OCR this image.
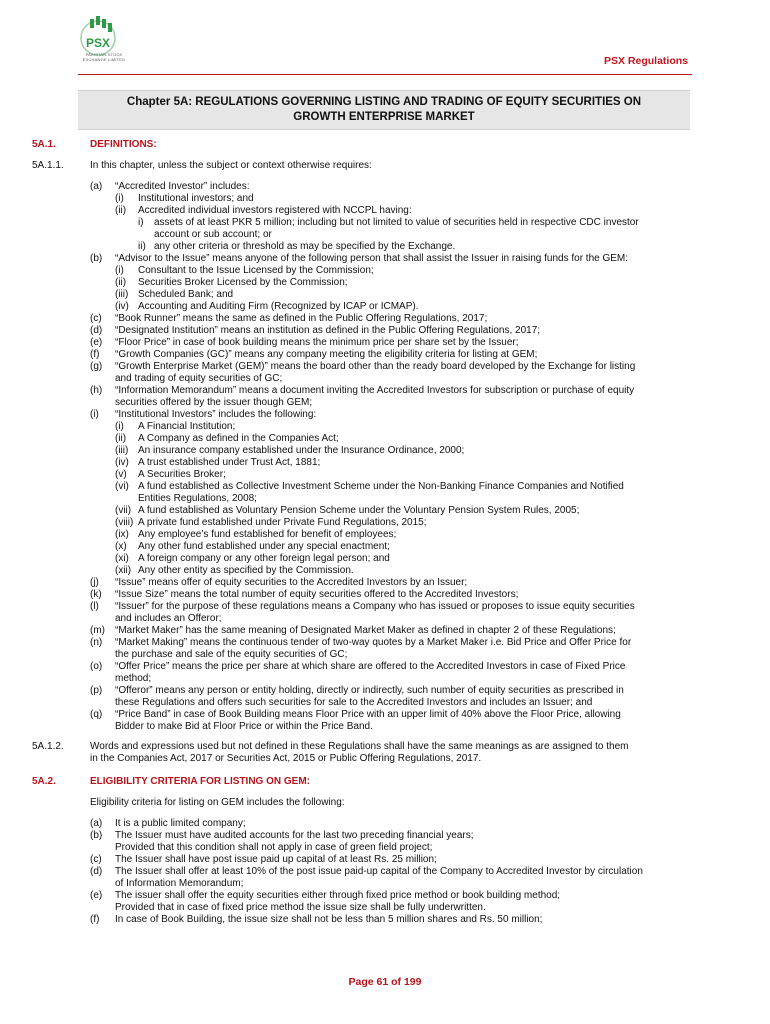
PSX
PAKISTAN STOCK EXCHANGE LIMITED	PSX Regulations
Chapter 5A: REGULATIONS GOVERNING LISTING AND TRADING OF EQUITY SECURITIES ON
GROWTH ENTERPRISE MARKET
5A.1.	DEFINITIONS:
5A.1.1.	In this chapter, unless the subject or context otherwise requires:
(a) “Accredited Investor” includes:
(i) Institutional investors; and
(ii) Accredited individual investors registered with NCCPL having:
i) assets of at least PKR 5 million; including but not limited to value of securities held in respective CDC investor
account or sub account; or
ii) any other criteria or threshold as may be specified by the Exchange.
(b) “Advisor to the Issue” means anyone of the following person that shall assist the Issuer in raising funds for the GEM:
(i) Consultant to the Issue Licensed by the Commission;
(ii) Securities Broker Licensed by the Commission;
(iii) Scheduled Bank; and
(iv) Accounting and Auditing Firm (Recognized by ICAP or ICMAP).
(c) “Book Runner” means the same as defined in the Public Offering Regulations, 2017;
(d) “Designated Institution” means an institution as defined in the Public Offering Regulations, 2017;
(e) “Floor Price” in case of book building means the minimum price per share set by the Issuer;
(f) “Growth Companies (GC)” means any company meeting the eligibility criteria for listing at GEM;
(g) “Growth Enterprise Market (GEM)” means the board other than the ready board developed by the Exchange for listing
and trading of equity securities of GC;
(h) “Information Memorandum” means a document inviting the Accredited Investors for subscription or purchase of equity
securities offered by the issuer though GEM;
(i) “Institutional Investors” includes the following:
(i) A Financial Institution;
(ii) A Company as defined in the Companies Act;
(iii) An insurance company established under the Insurance Ordinance, 2000;
(iv) A trust established under Trust Act, 1881;
(v) A Securities Broker;
(vi) A fund established as Collective Investment Scheme under the Non-Banking Finance Companies and Notified
Entities Regulations, 2008;
(vii) A fund established as Voluntary Pension Scheme under the Voluntary Pension System Rules, 2005;
(viii) A private fund established under Private Fund Regulations, 2015;
(ix) Any employee’s fund established for benefit of employees;
(x) Any other fund established under any special enactment;
(xi) A foreign company or any other foreign legal person; and
(xii) Any other entity as specified by the Commission.
(j) “Issue” means offer of equity securities to the Accredited Investors by an Issuer;
(k) “Issue Size” means the total number of equity securities offered to the Accredited Investors;
(l) “Issuer” for the purpose of these regulations means a Company who has issued or proposes to issue equity securities
and includes an Offeror;
(m) “Market Maker” has the same meaning of Designated Market Maker as defined in chapter 2 of these Regulations;
(n) “Market Making” means the continuous tender of two-way quotes by a Market Maker i.e. Bid Price and Offer Price for
the purchase and sale of the equity securities of GC;
(o) “Offer Price” means the price per share at which share are offered to the Accredited Investors in case of Fixed Price
method;
(p) “Offeror” means any person or entity holding, directly or indirectly, such number of equity securities as prescribed in
these Regulations and offers such securities for sale to the Accredited Investors and includes an Issuer; and
(q) “Price Band” in case of Book Building means Floor Price with an upper limit of 40% above the Floor Price, allowing
Bidder to make Bid at Floor Price or within the Price Band.
5A.1.2.	Words and expressions used but not defined in these Regulations shall have the same meanings as are assigned to them
in the Companies Act, 2017 or Securities Act, 2015 or Public Offering Regulations, 2017.
5A.2.	ELIGIBILITY CRITERIA FOR LISTING ON GEM:
Eligibility criteria for listing on GEM includes the following:
(a) It is a public limited company;
(b) The Issuer must have audited accounts for the last two preceding financial years;
Provided that this condition shall not apply in case of green field project;
(c) The Issuer shall have post issue paid up capital of at least Rs. 25 million;
(d) The Issuer shall offer at least 10% of the post issue paid-up capital of the Company to Accredited Investor by circulation
of Information Memorandum;
(e) The issuer shall offer the equity securities either through fixed price method or book building method;
Provided that in case of fixed price method the issue size shall be fully underwritten.
(f) In case of Book Building, the issue size shall not be less than 5 million shares and Rs. 50 million;
Page 61 of 199
